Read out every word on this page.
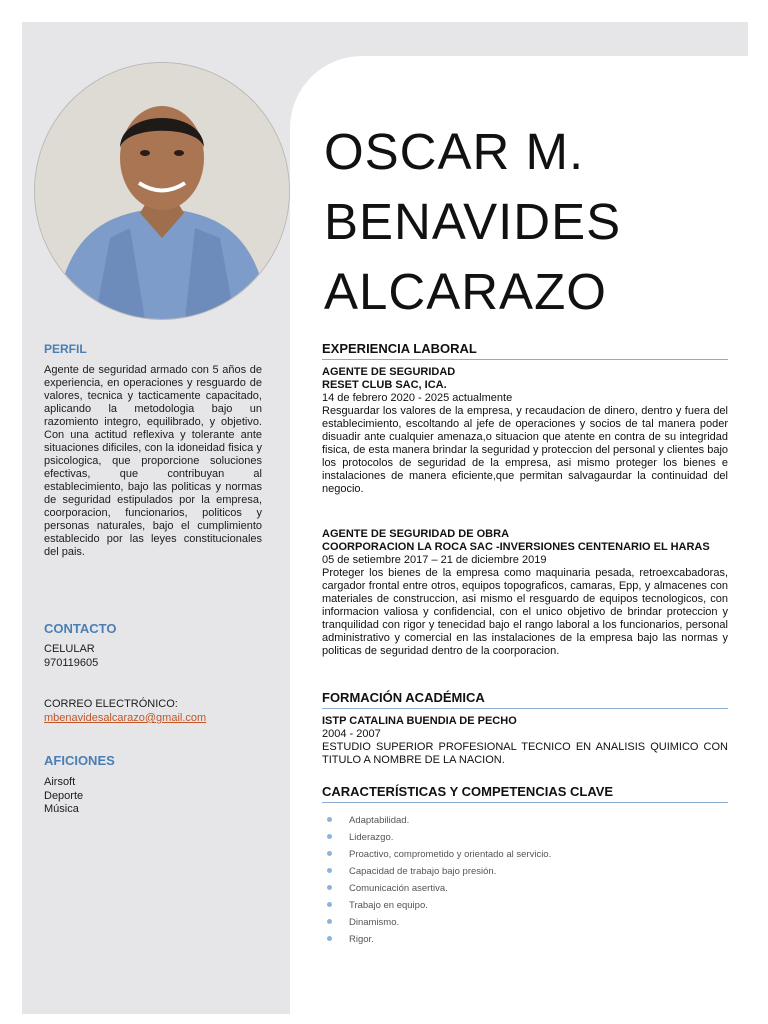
PERFIL
Agente de seguridad armado con 5 años de experiencia, en operaciones y resguardo de valores, tecnica y tacticamente capacitado, aplicando la metodologia bajo un razomiento integro, equilibrado, y objetivo. Con una actitud reflexiva y tolerante ante situaciones dificiles, con la idoneidad fisica y psicologica, que proporcione soluciones efectivas, que contribuyan al establecimiento, bajo las politicas y normas de seguridad estipulados por la empresa, coorporacion, funcionarios, politicos y personas naturales, bajo el cumplimiento establecido por las leyes constitucionales del pais.
CONTACTO
CELULAR
970119605
CORREO ELECTRÓNICO:
mbenavidesalcarazo@gmail.com
AFICIONES
Airsoft
Deporte
Música
OSCAR M.
BENAVIDES
ALCARAZO
EXPERIENCIA LABORAL
AGENTE DE SEGURIDAD
RESET CLUB SAC, ICA.
14 de febrero 2020 - 2025 actualmente
Resguardar los valores de la empresa, y recaudacion de dinero, dentro y fuera del establecimiento, escoltando al jefe de operaciones y socios de tal manera poder disuadir ante cualquier amenaza,o situacion que atente en contra de su integridad fisica, de esta manera brindar la seguridad y proteccion del personal y clientes bajo los protocolos de seguridad de la empresa, asi mismo proteger los bienes e instalaciones de manera eficiente,que permitan salvagaurdar la continuidad del negocio.
AGENTE DE SEGURIDAD DE OBRA
COORPORACION LA ROCA SAC -INVERSIONES CENTENARIO EL HARAS
05 de setiembre 2017 – 21 de diciembre 2019
Proteger los bienes de la empresa como maquinaria pesada, retroexcabadoras, cargador frontal entre otros, equipos topograficos, camaras, Epp, y almacenes con materiales de construccion, asi mismo el resguardo de equipos tecnologicos, con informacion valiosa y confidencial, con el unico objetivo de brindar proteccion y tranquilidad con rigor y tenecidad bajo el rango laboral a los funcionarios, personal administrativo y comercial en las instalaciones de la empresa bajo las normas y politicas de seguridad dentro de la coorporacion.
FORMACIÓN ACADÉMICA
ISTP CATALINA BUENDIA DE PECHO
2004 - 2007
ESTUDIO SUPERIOR PROFESIONAL TECNICO EN ANALISIS QUIMICO CON TITULO A NOMBRE DE LA NACION.
CARACTERÍSTICAS Y COMPETENCIAS CLAVE
Adaptabilidad.
Liderazgo.
Proactivo, comprometido y orientado al servicio.
Capacidad de trabajo bajo presión.
Comunicación asertiva.
Trabajo en equipo.
Dinamismo.
Rigor.
